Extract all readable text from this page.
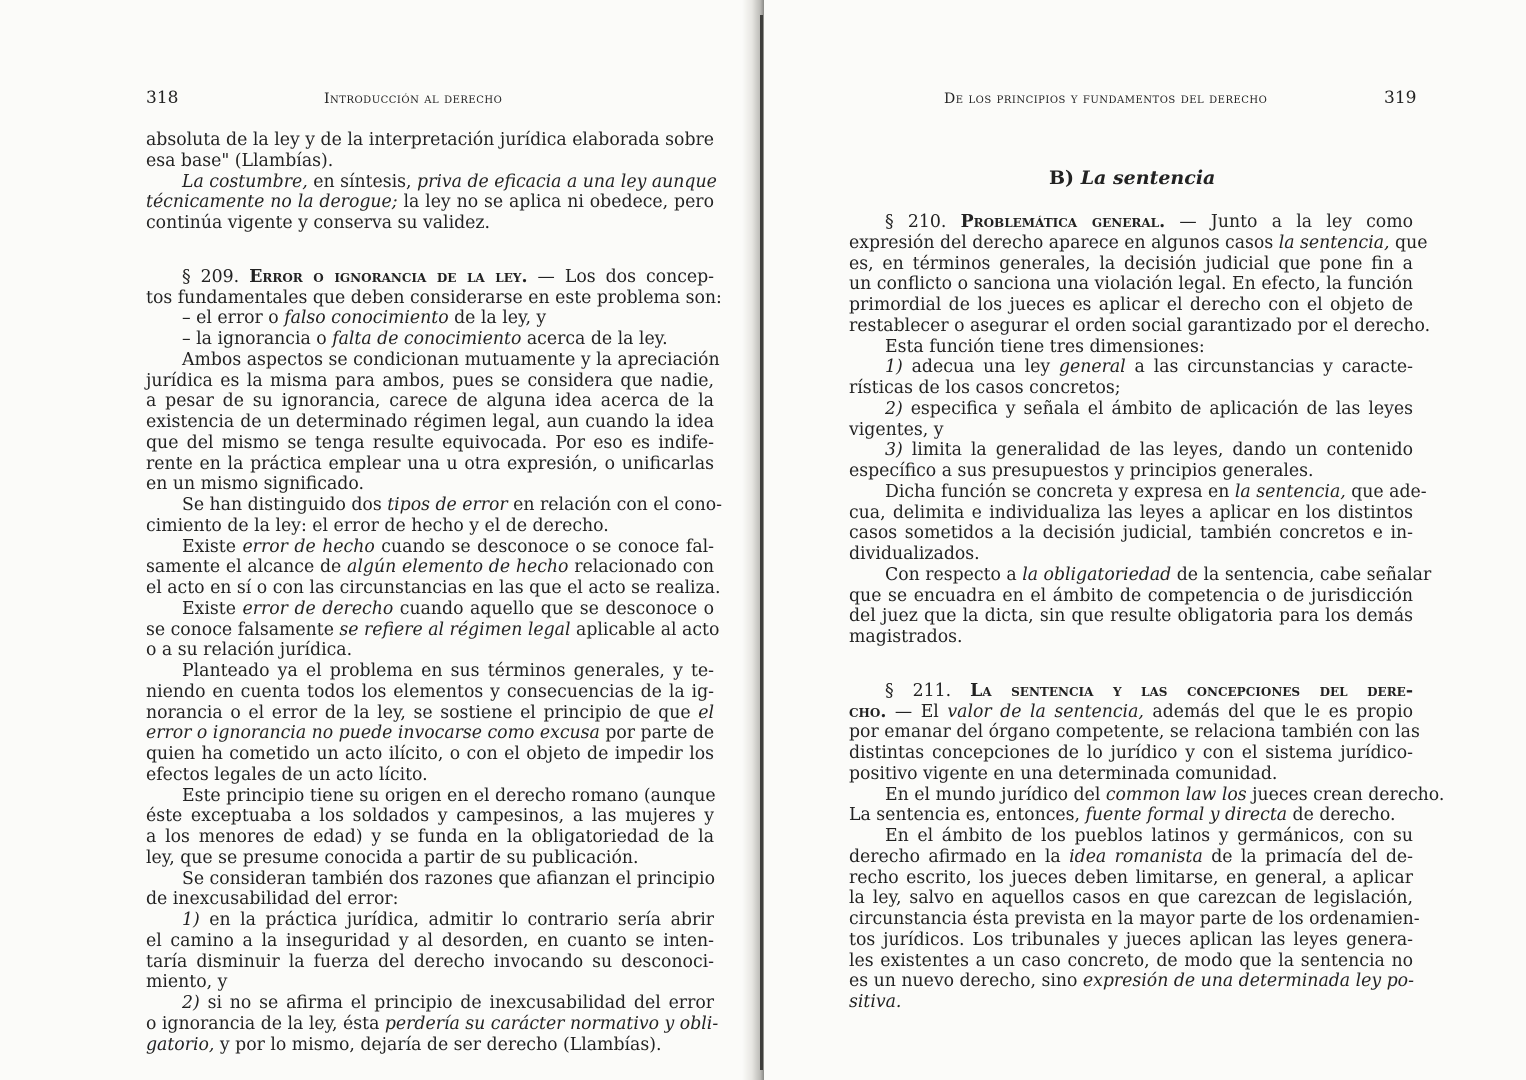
318	Introducción al derecho
absoluta de la ley y de la interpretación jurídica elaborada sobre
esa base" (Llambías).
La costumbre, en síntesis, priva de eficacia a una ley aunque
técnicamente no la derogue; la ley no se aplica ni obedece, pero
continúa vigente y conserva su validez.
§ 209. Error o ignorancia de la ley. — Los dos concep-
tos fundamentales que deben considerarse en este problema son:
– el error o falso conocimiento de la ley, y
– la ignorancia o falta de conocimiento acerca de la ley.
Ambos aspectos se condicionan mutuamente y la apreciación
jurídica es la misma para ambos, pues se considera que nadie,
a pesar de su ignorancia, carece de alguna idea acerca de la
existencia de un determinado régimen legal, aun cuando la idea
que del mismo se tenga resulte equivocada. Por eso es indife-
rente en la práctica emplear una u otra expresión, o unificarlas
en un mismo significado.
Se han distinguido dos tipos de error en relación con el cono-
cimiento de la ley: el error de hecho y el de derecho.
Existe error de hecho cuando se desconoce o se conoce fal-
samente el alcance de algún elemento de hecho relacionado con
el acto en sí o con las circunstancias en las que el acto se realiza.
Existe error de derecho cuando aquello que se desconoce o
se conoce falsamente se refiere al régimen legal aplicable al acto
o a su relación jurídica.
Planteado ya el problema en sus términos generales, y te-
niendo en cuenta todos los elementos y consecuencias de la ig-
norancia o el error de la ley, se sostiene el principio de que el
error o ignorancia no puede invocarse como excusa por parte de
quien ha cometido un acto ilícito, o con el objeto de impedir los
efectos legales de un acto lícito.
Este principio tiene su origen en el derecho romano (aunque
éste exceptuaba a los soldados y campesinos, a las mujeres y
a los menores de edad) y se funda en la obligatoriedad de la
ley, que se presume conocida a partir de su publicación.
Se consideran también dos razones que afianzan el principio
de inexcusabilidad del error:
1) en la práctica jurídica, admitir lo contrario sería abrir
el camino a la inseguridad y al desorden, en cuanto se inten-
taría disminuir la fuerza del derecho invocando su desconoci-
miento, y
2) si no se afirma el principio de inexcusabilidad del error
o ignorancia de la ley, ésta perdería su carácter normativo y obli-
gatorio, y por lo mismo, dejaría de ser derecho (Llambías).
De los principios y fundamentos del derecho	319
B) La sentencia
§ 210. Problemática general. — Junto a la ley como
expresión del derecho aparece en algunos casos la sentencia, que
es, en términos generales, la decisión judicial que pone fin a
un conflicto o sanciona una violación legal. En efecto, la función
primordial de los jueces es aplicar el derecho con el objeto de
restablecer o asegurar el orden social garantizado por el derecho.
Esta función tiene tres dimensiones:
1) adecua una ley general a las circunstancias y caracte-
rísticas de los casos concretos;
2) especifica y señala el ámbito de aplicación de las leyes
vigentes, y
3) limita la generalidad de las leyes, dando un contenido
específico a sus presupuestos y principios generales.
Dicha función se concreta y expresa en la sentencia, que ade-
cua, delimita e individualiza las leyes a aplicar en los distintos
casos sometidos a la decisión judicial, también concretos e in-
dividualizados.
Con respecto a la obligatoriedad de la sentencia, cabe señalar
que se encuadra en el ámbito de competencia o de jurisdicción
del juez que la dicta, sin que resulte obligatoria para los demás
magistrados.
§ 211. La sentencia y las concepciones del dere-
cho. — El valor de la sentencia, además del que le es propio
por emanar del órgano competente, se relaciona también con las
distintas concepciones de lo jurídico y con el sistema jurídico-
positivo vigente en una determinada comunidad.
En el mundo jurídico del common law los jueces crean derecho.
La sentencia es, entonces, fuente formal y directa de derecho.
En el ámbito de los pueblos latinos y germánicos, con su
derecho afirmado en la idea romanista de la primacía del de-
recho escrito, los jueces deben limitarse, en general, a aplicar
la ley, salvo en aquellos casos en que carezcan de legislación,
circunstancia ésta prevista en la mayor parte de los ordenamien-
tos jurídicos. Los tribunales y jueces aplican las leyes genera-
les existentes a un caso concreto, de modo que la sentencia no
es un nuevo derecho, sino expresión de una determinada ley po-
sitiva.
